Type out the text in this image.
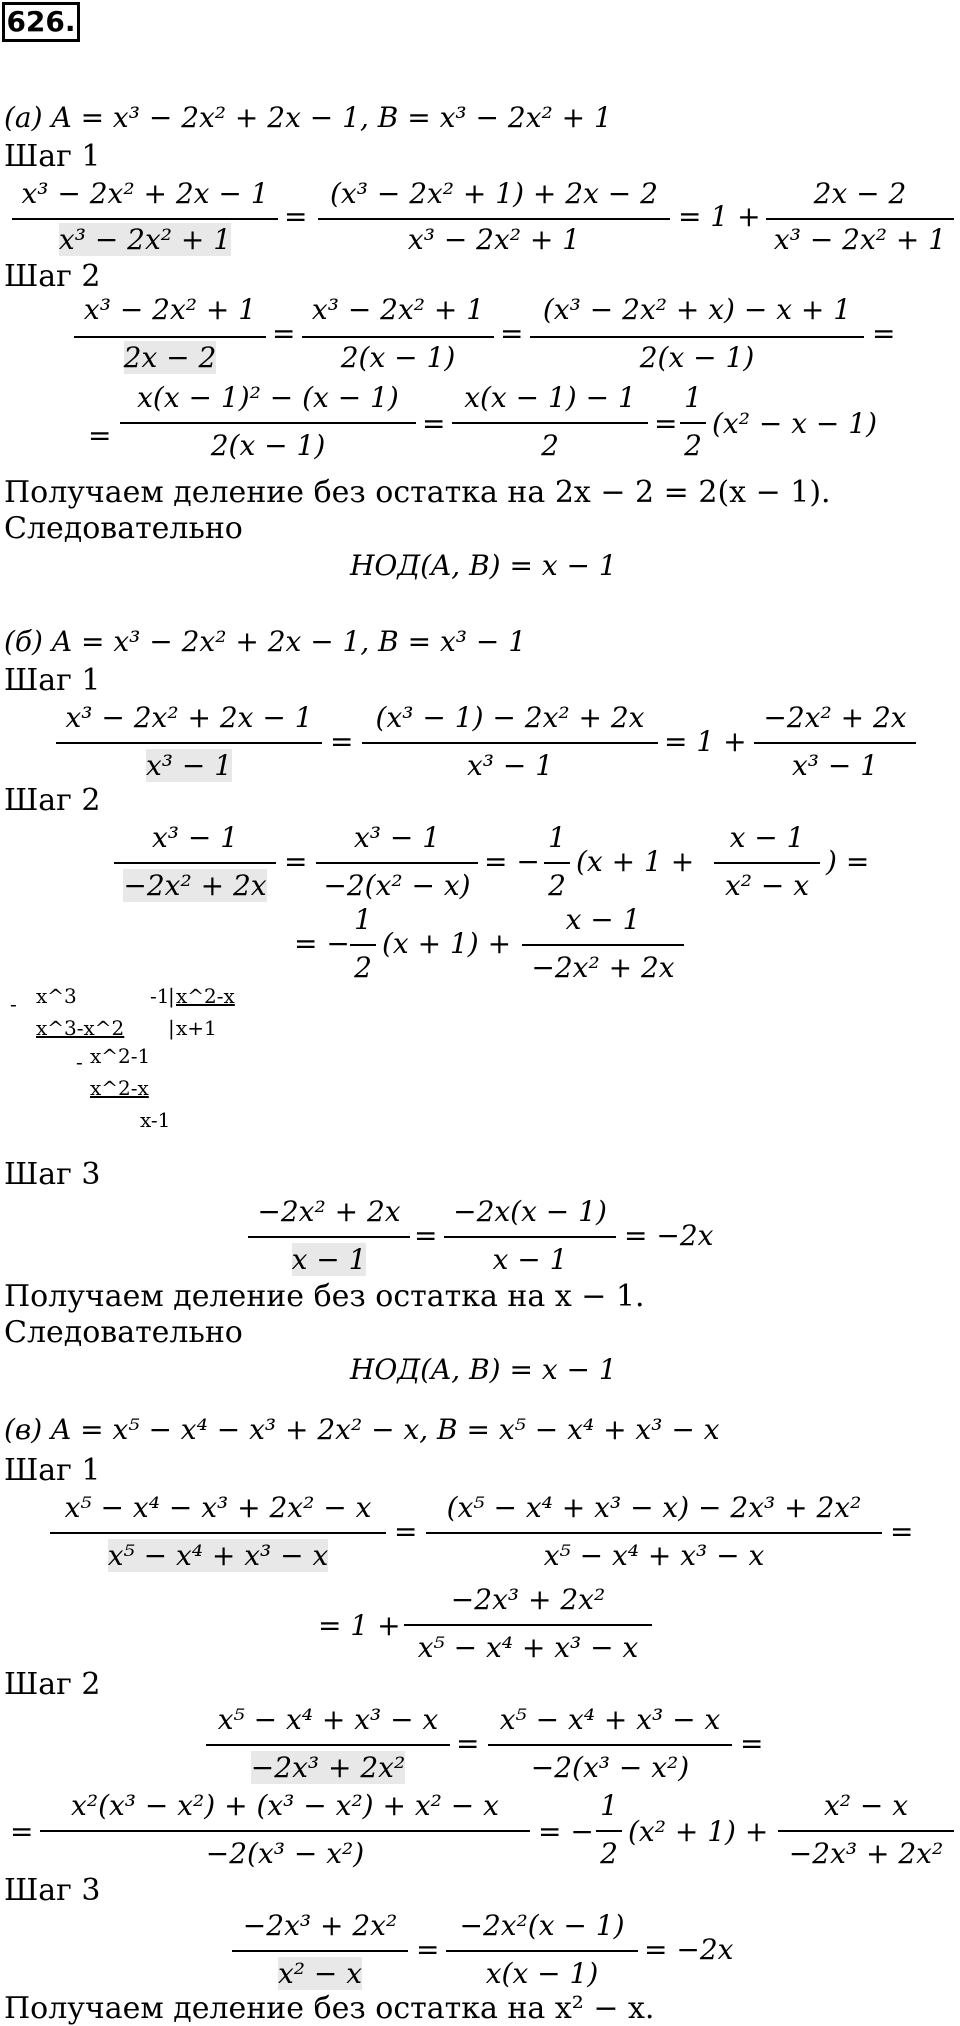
626.
(а) A = x³ − 2x² + 2x − 1, B = x³ − 2x² + 1
Шаг 1
x³ − 2x² + 2x − 1
x³ − 2x² + 1
=
(x³ − 2x² + 1) + 2x − 2
x³ − 2x² + 1
= 1 +
2x − 2
x³ − 2x² + 1
Шаг 2
x³ − 2x² + 1
2x − 2
=
x³ − 2x² + 1
2(x − 1)
=
(x³ − 2x² + x) − x + 1
2(x − 1)
=
=
x(x − 1)² − (x − 1)
2(x − 1)
=
x(x − 1) − 1
2
=
1
2
(x² − x − 1)
Получаем деление без остатка на 2x − 2 = 2(x − 1).
Следовательно
НОД(A, B) = x − 1
(б) A = x³ − 2x² + 2x − 1, B = x³ − 1
Шаг 1
x³ − 2x² + 2x − 1
x³ − 1
=
(x³ − 1) − 2x² + 2x
x³ − 1
= 1 +
−2x² + 2x
x³ − 1
Шаг 2
x³ − 1
−2x² + 2x
=
x³ − 1
−2(x² − x)
= −
1
2
(x + 1 +
x − 1
x² − x
) =
= −
1
2
(x + 1) +
x − 1
−2x² + 2x
- x^3	-1
| x^2-x
x^3-x^2 | x+1
- x^2-1
x^2-x
x-1
Шаг 3
−2x² + 2x
x − 1
=
−2x(x − 1)
x − 1
= −2x
Получаем деление без остатка на x − 1.
Следовательно
НОД(A, B) = x − 1
(в) A = x⁵ − x⁴ − x³ + 2x² − x, B = x⁵ − x⁴ + x³ − x
Шаг 1
x⁵ − x⁴ − x³ + 2x² − x
x⁵ − x⁴ + x³ − x
=
(x⁵ − x⁴ + x³ − x) − 2x³ + 2x²
x⁵ − x⁴ + x³ − x
=
= 1 +
−2x³ + 2x²
x⁵ − x⁴ + x³ − x
Шаг 2
x⁵ − x⁴ + x³ − x
−2x³ + 2x²
=
x⁵ − x⁴ + x³ − x
−2(x³ − x²)
=
=
x²(x³ − x²) + (x³ − x²) + x² − x
−2(x³ − x²)
= −
1
2
(x² + 1) +
x² − x
−2x³ + 2x²
Шаг 3
−2x³ + 2x²
x² − x
=
−2x²(x − 1)
x(x − 1)
= −2x
Получаем деление без остатка на x² − x.
